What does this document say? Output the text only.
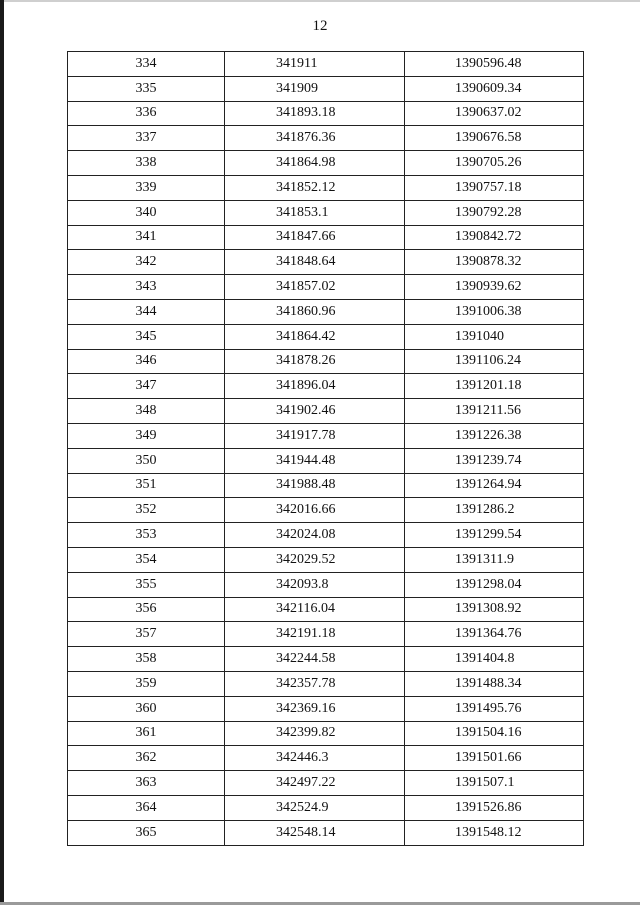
12
334	341911	1390596.48
335	341909	1390609.34
336	341893.18	1390637.02
337	341876.36	1390676.58
338	341864.98	1390705.26
339	341852.12	1390757.18
340	341853.1	1390792.28
341	341847.66	1390842.72
342	341848.64	1390878.32
343	341857.02	1390939.62
344	341860.96	1391006.38
345	341864.42	1391040
346	341878.26	1391106.24
347	341896.04	1391201.18
348	341902.46	1391211.56
349	341917.78	1391226.38
350	341944.48	1391239.74
351	341988.48	1391264.94
352	342016.66	1391286.2
353	342024.08	1391299.54
354	342029.52	1391311.9
355	342093.8	1391298.04
356	342116.04	1391308.92
357	342191.18	1391364.76
358	342244.58	1391404.8
359	342357.78	1391488.34
360	342369.16	1391495.76
361	342399.82	1391504.16
362	342446.3	1391501.66
363	342497.22	1391507.1
364	342524.9	1391526.86
365	342548.14	1391548.12
